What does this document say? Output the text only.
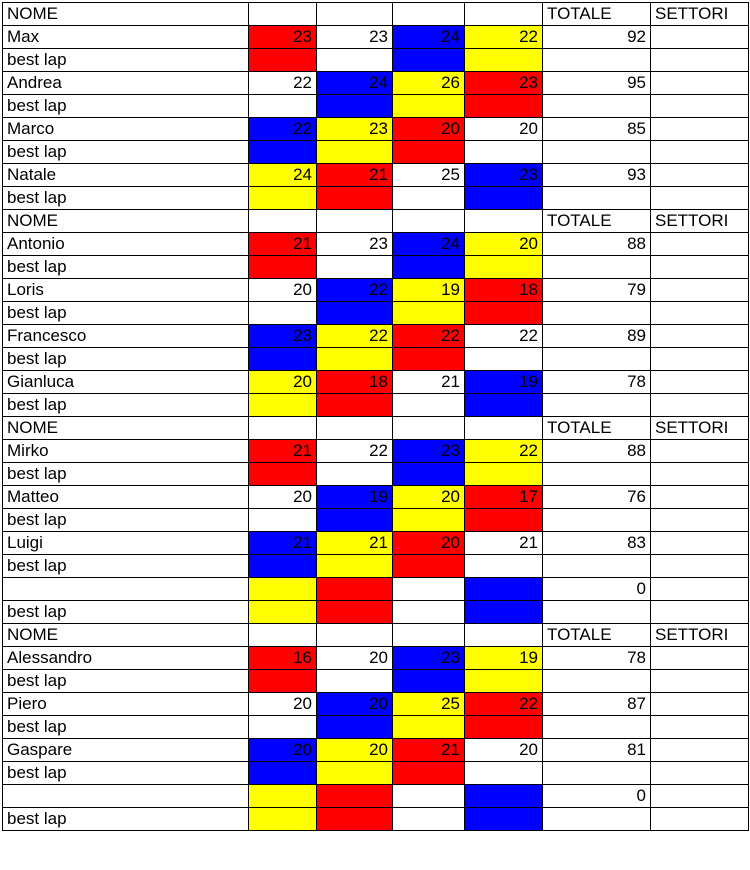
NOME					TOTALE	SETTORI
Max	23	23	24	22	92	
best lap						
Andrea	22	24	26	23	95	
best lap						
Marco	22	23	20	20	85	
best lap						
Natale	24	21	25	23	93	
best lap						
NOME					TOTALE	SETTORI
Antonio	21	23	24	20	88	
best lap						
Loris	20	22	19	18	79	
best lap						
Francesco	23	22	22	22	89	
best lap						
Gianluca	20	18	21	19	78	
best lap						
NOME					TOTALE	SETTORI
Mirko	21	22	23	22	88	
best lap						
Matteo	20	19	20	17	76	
best lap						
Luigi	21	21	20	21	83	
best lap						
					0	
best lap						
NOME					TOTALE	SETTORI
Alessandro	16	20	23	19	78	
best lap						
Piero	20	20	25	22	87	
best lap						
Gaspare	20	20	21	20	81	
best lap						
					0	
best lap						
